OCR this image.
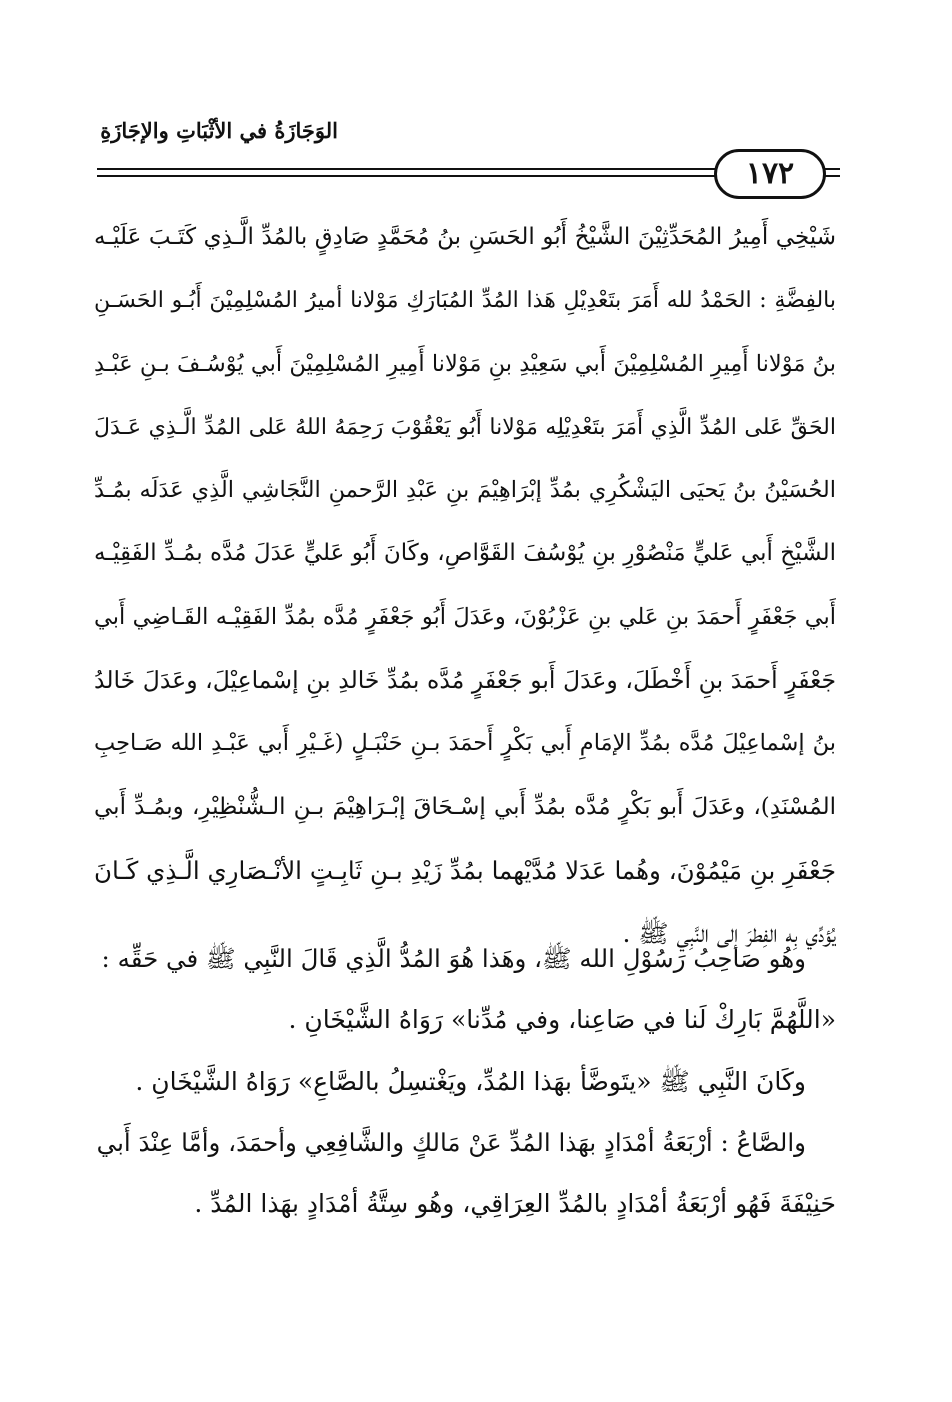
الوَجَازَةُ في الأثْبَاتِ والإجَازَةِ
١٧٢
شَيْخِي أَمِيرُ المُحَدِّثِيْنَ الشَّيْخُ أَبُو الحَسَنِ بنُ مُحَمَّدٍ صَادِقٍ بالمُدِّ الَّـذِي كَتَـبَ عَلَيْـه
بالفِضَّةِ : الحَمْدُ لله أَمَرَ بتَعْدِيْلِ هَذا المُدِّ المُبَارَكِ مَوْلانا أميرُ المُسْلِمِيْنَ أَبُـو الحَسَـنِ
بنُ مَوْلانا أَمِيرِ المُسْلِمِيْنَ أَبي سَعِيْدِ بنِ مَوْلانا أَمِيرِ المُسْلِمِيْنَ أَبي يُوْسُـفَ بـنِ عَبْـدِ
الحَقِّ عَلى المُدِّ الَّذِي أَمَرَ بتَعْدِيْلِه مَوْلانا أَبُو يَعْقُوْبَ رَحِمَهُ اللهُ عَلى المُدِّ الَّـذِي عَـدَلَ
الحُسَيْنُ بنُ يَحيَى اليَشْكُرِي بمُدِّ إبْرَاهِيْمَ بنِ عَبْدِ الرَّحمنِ النَّجَاشِي الَّذِي عَدَلَه بمُـدِّ
الشَّيْخِ أَبي عَليٍّ مَنْصُوْرِ بنِ يُوْسُفَ القَوَّاصِ، وكَانَ أَبُو عَليٍّ عَدَلَ مُدَّه بمُـدِّ الفَقِيْـه
أَبي جَعْفَرٍ أَحمَدَ بنِ عَلي بنِ عَزْبُوْنَ، وعَدَلَ أَبُو جَعْفَرٍ مُدَّه بمُدِّ الفَقِيْـه القَـاضِي أَبي
جَعْفَرٍ أَحمَدَ بنِ أَخْطَلَ، وعَدَلَ أَبو جَعْفَرٍ مُدَّه بمُدِّ خَالدِ بنِ إسْماعِيْلَ، وعَدَلَ خَالدُ
بنُ إسْماعِيْلَ مُدَّه بمُدِّ الإمَامِ أَبي بَكْرٍ أَحمَدَ بـنِ حَنْبَـلٍ (غَـيْرِ أَبي عَبْـدِ الله صَـاحِبِ
المُسْنَدِ)، وعَدَلَ أَبو بَكْرٍ مُدَّه بمُدِّ أَبي إسْـحَاقَ إبْـرَاهِيْمَ بـنِ الـشُّنْظِيْرِ، وبمُـدِّ أَبي
جَعْفَرِ بنِ مَيْمُوْنَ، وهُما عَدَلا مُدَّيْهما بمُدِّ زَيْدِ بـنِ ثَابِـتٍ الأنْـصَارِي الَّـذِي كَـانَ
يُؤدِّي بِه الفِطرَ إلى النَّبِي ﷺ .
وهُو صَاحِبُ رَسُوْلِ الله ﷺ، وهَذا هُوَ المُدُّ الَّذِي قَالَ النَّبِي ﷺ في حَقِّه :
«اللَّهُمَّ بَارِكْ لَنا في صَاعِنا، وفي مُدِّنا» رَوَاهُ الشَّيْخَانِ .
وكَانَ النَّبِي ﷺ «يتَوضَّأ بهَذا المُدِّ، ويَغْتسِلُ بالصَّاعِ» رَوَاهُ الشَّيْخَانِ .
والصَّاعُ : أرْبَعَةُ أمْدَادٍ بهَذا المُدِّ عَنْ مَالكٍ والشَّافِعِي وأحمَدَ، وأمَّا عِنْدَ أَبي
حَنِيْفَةَ فَهُو أرْبَعَةُ أمْدَادٍ بالمُدِّ العِرَاقِي، وهُو سِتَّةُ أمْدَادٍ بهَذا المُدِّ .
